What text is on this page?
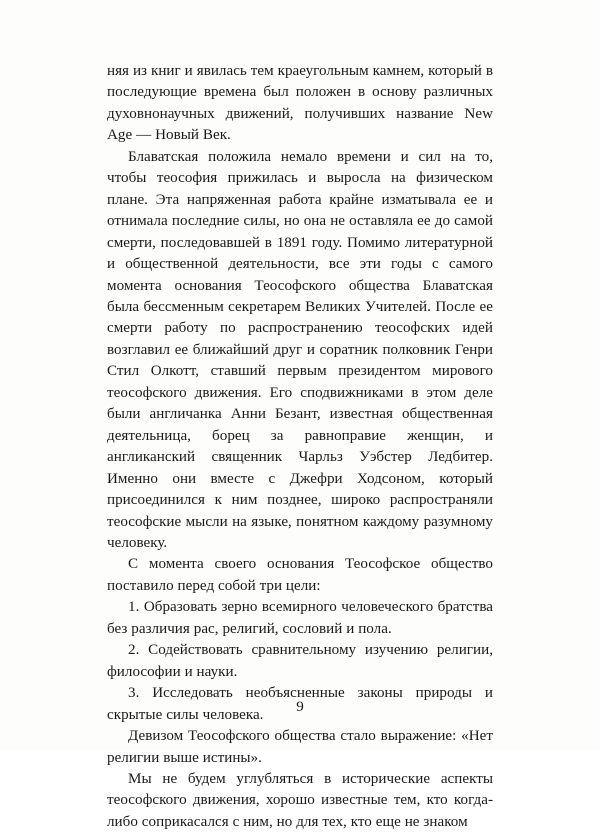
няя из книг и явилась тем краеугольным камнем, который в последующие времена был положен в основу различных духовнонаучных движений, получивших название New Age — Новый Век.

Блаватская положила немало времени и сил на то, чтобы теософия прижилась и выросла на физическом плане. Эта напряженная работа крайне изматывала ее и отнимала последние силы, но она не оставляла ее до самой смерти, последовавшей в 1891 году. Помимо литературной и общественной деятельности, все эти годы с самого момента основания Теософского общества Блаватская была бессменным секретарем Великих Учителей. После ее смерти работу по распространению теософских идей возглавил ее ближайший друг и соратник полковник Генри Стил Олкотт, ставший первым президентом мирового теософского движения. Его сподвижниками в этом деле были англичанка Анни Безант, известная общественная деятельница, борец за равноправие женщин, и англиканский священник Чарльз Уэбстер Ледбитер. Именно они вместе с Джефри Ходсоном, который присоединился к ним позднее, широко распространяли теософские мысли на языке, понятном каждому разумному человеку.

С момента своего основания Теософское общество поставило перед собой три цели:

1. Образовать зерно всемирного человеческого братства без различия рас, религий, сословий и пола.

2. Содействовать сравнительному изучению религии, философии и науки.

3. Исследовать необъясненные законы природы и скрытые силы человека.

Девизом Теософского общества стало выражение: «Нет религии выше истины».

Мы не будем углубляться в исторические аспекты теософского движения, хорошо известные тем, кто когда-либо соприкасался с ним, но для тех, кто еще не знаком

9
